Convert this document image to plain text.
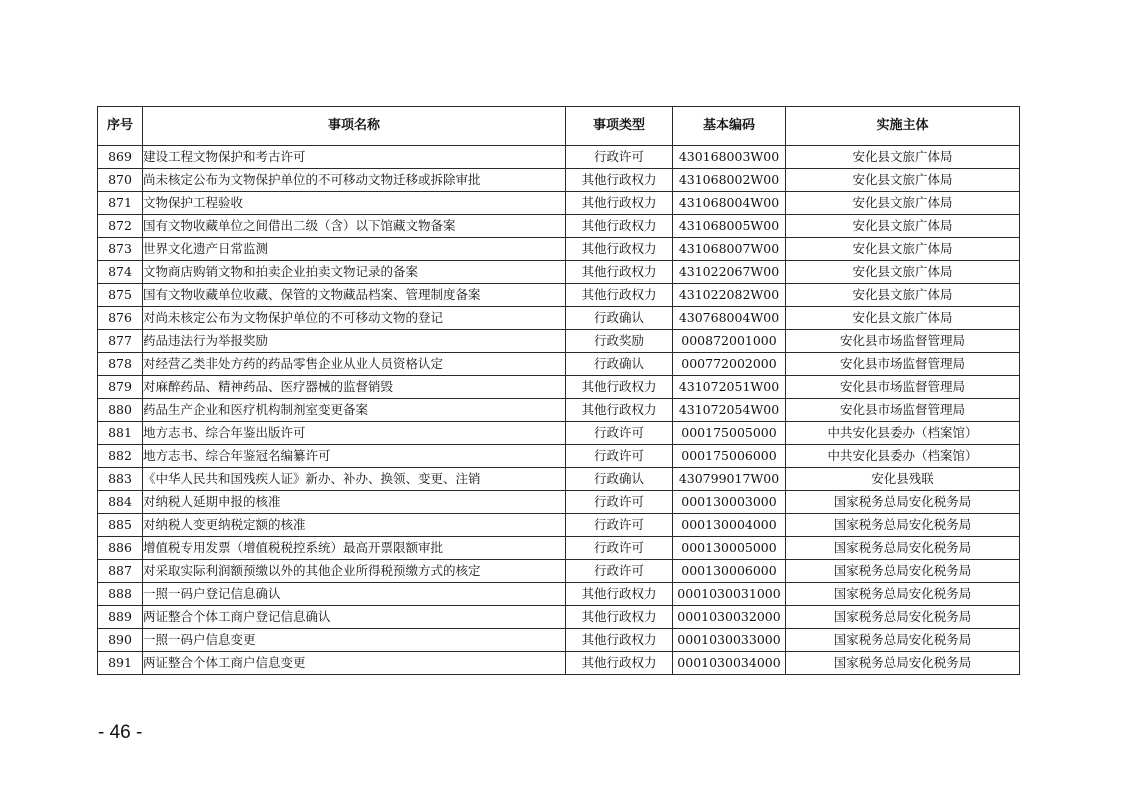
序号	事项名称	事项类型	基本编码	实施主体
869	建设工程文物保护和考古许可	行政许可	430168003W00	安化县文旅广体局
870	尚未核定公布为文物保护单位的不可移动文物迁移或拆除审批	其他行政权力	431068002W00	安化县文旅广体局
871	文物保护工程验收	其他行政权力	431068004W00	安化县文旅广体局
872	国有文物收藏单位之间借出二级（含）以下馆藏文物备案	其他行政权力	431068005W00	安化县文旅广体局
873	世界文化遗产日常监测	其他行政权力	431068007W00	安化县文旅广体局
874	文物商店购销文物和拍卖企业拍卖文物记录的备案	其他行政权力	431022067W00	安化县文旅广体局
875	国有文物收藏单位收藏、保管的文物藏品档案、管理制度备案	其他行政权力	431022082W00	安化县文旅广体局
876	对尚未核定公布为文物保护单位的不可移动文物的登记	行政确认	430768004W00	安化县文旅广体局
877	药品违法行为举报奖励	行政奖励	000872001000	安化县市场监督管理局
878	对经营乙类非处方药的药品零售企业从业人员资格认定	行政确认	000772002000	安化县市场监督管理局
879	对麻醉药品、精神药品、医疗器械的监督销毁	其他行政权力	431072051W00	安化县市场监督管理局
880	药品生产企业和医疗机构制剂室变更备案	其他行政权力	431072054W00	安化县市场监督管理局
881	地方志书、综合年鉴出版许可	行政许可	000175005000	中共安化县委办（档案馆）
882	地方志书、综合年鉴冠名编纂许可	行政许可	000175006000	中共安化县委办（档案馆）
883	《中华人民共和国残疾人证》新办、补办、换领、变更、注销	行政确认	430799017W00	安化县残联
884	对纳税人延期申报的核准	行政许可	000130003000	国家税务总局安化税务局
885	对纳税人变更纳税定额的核准	行政许可	000130004000	国家税务总局安化税务局
886	增值税专用发票（增值税税控系统）最高开票限额审批	行政许可	000130005000	国家税务总局安化税务局
887	对采取实际利润额预缴以外的其他企业所得税预缴方式的核定	行政许可	000130006000	国家税务总局安化税务局
888	一照一码户登记信息确认	其他行政权力	0001030031000	国家税务总局安化税务局
889	两证整合个体工商户登记信息确认	其他行政权力	0001030032000	国家税务总局安化税务局
890	一照一码户信息变更	其他行政权力	0001030033000	国家税务总局安化税务局
891	两证整合个体工商户信息变更	其他行政权力	0001030034000	国家税务总局安化税务局
- 46 -
